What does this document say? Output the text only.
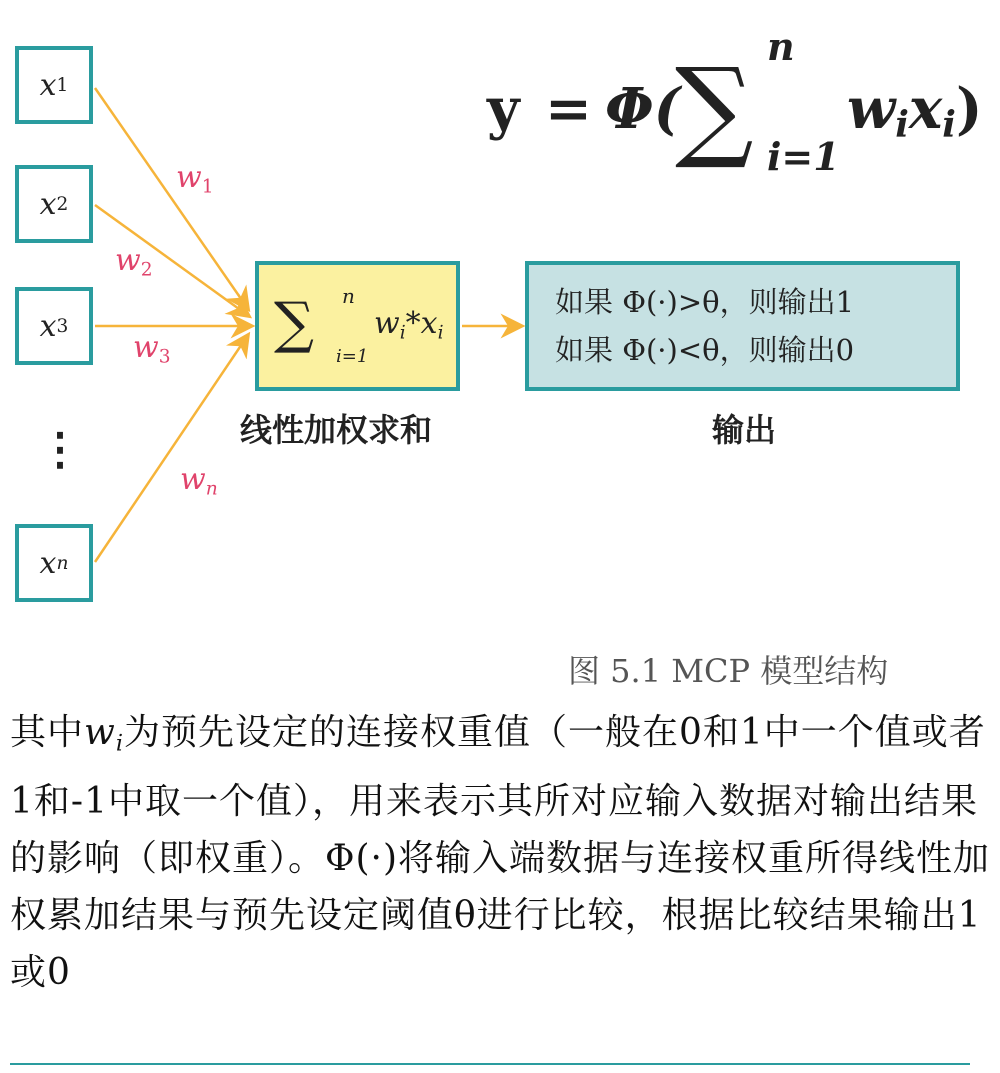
x 1
x 2
x 3
⋮
x n
$w_1$
$w_2$
$w_3$
wn
∑ n
i=1
wi*xi
线性加权求和
如果 Φ(·)>θ，则输出1
如果 Φ(·)<θ，则输出0
输出
y = Φ(
∑ n
i=1
wixi)
图 5.1 MCP 模型结构
其中wi为预先设定的连接权重值（一般在0和1中一个值或者1和-1中取一个值），用来表示其所对应输入数据对输出结果的影响（即权重）。Φ(·)将输入端数据与连接权重所得线性加权累加结果与预先设定阈值θ进行比较，根据比较结果输出1或0
